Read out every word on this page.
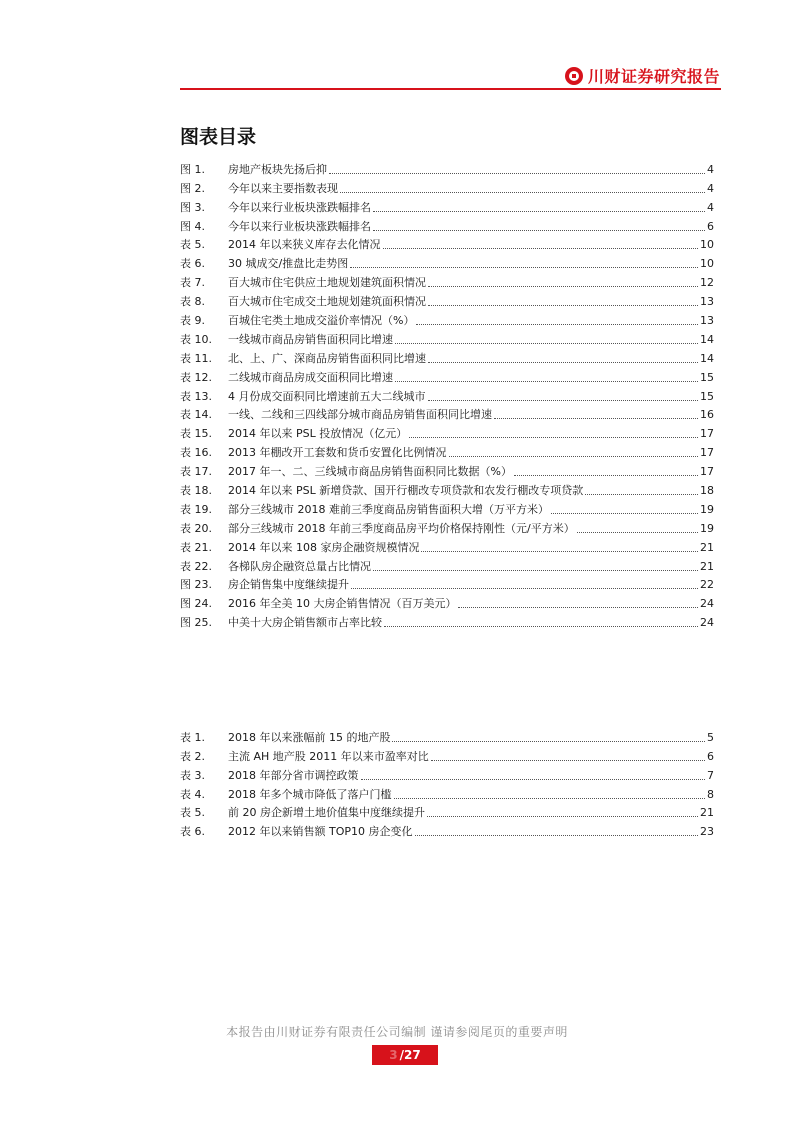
川财证券研究报告
图表目录
图 1.	房地产板块先扬后抑	4
图 2.	今年以来主要指数表现	4
图 3.	今年以来行业板块涨跌幅排名	4
图 4.	今年以来行业板块涨跌幅排名	6
表 5.	2014 年以来狭义库存去化情况	10
表 6.	30 城成交/推盘比走势图	10
表 7.	百大城市住宅供应土地规划建筑面积情况	12
表 8.	百大城市住宅成交土地规划建筑面积情况	13
表 9.	百城住宅类土地成交溢价率情况（%）	13
表 10.	一线城市商品房销售面积同比增速	14
表 11.	北、上、广、深商品房销售面积同比增速	14
表 12.	二线城市商品房成交面积同比增速	15
表 13.	4 月份成交面积同比增速前五大二线城市	15
表 14.	一线、二线和三四线部分城市商品房销售面积同比增速	16
表 15.	2014 年以来 PSL 投放情况（亿元）	17
表 16.	2013 年棚改开工套数和货币安置化比例情况	17
表 17.	2017 年一、二、三线城市商品房销售面积同比数据（%）	17
表 18.	2014 年以来 PSL 新增贷款、国开行棚改专项贷款和农发行棚改专项贷款	18
表 19.	部分三线城市 2018 难前三季度商品房销售面积大增（万平方米）	19
表 20.	部分三线城市 2018 年前三季度商品房平均价格保持刚性（元/平方米）	19
表 21.	2014 年以来 108 家房企融资规模情况	21
表 22.	各梯队房企融资总量占比情况	21
图 23.	房企销售集中度继续提升	22
图 24.	2016 年全美 10 大房企销售情况（百万美元）	24
图 25.	中美十大房企销售额市占率比较	24
表 1.	2018 年以来涨幅前 15 的地产股	5
表 2.	主流 AH 地产股 2011 年以来市盈率对比	6
表 3.	2018 年部分省市调控政策	7
表 4.	2018 年多个城市降低了落户门槛	8
表 5.	前 20 房企新增土地价值集中度继续提升	21
表 6.	2012 年以来销售额 TOP10 房企变化	23
本报告由川财证券有限责任公司编制 谨请参阅尾页的重要声明
3 /27
